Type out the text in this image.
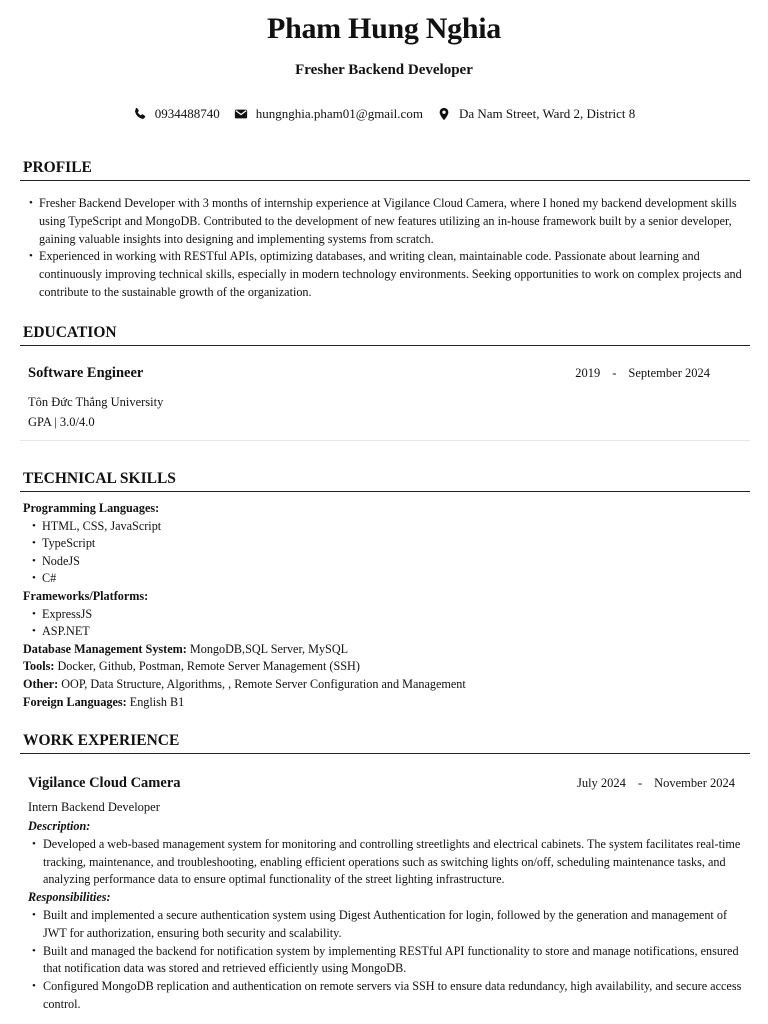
Pham Hung Nghia
Fresher Backend Developer
0934488740	hungnghia.pham01@gmail.com	Da Nam Street, Ward 2, District 8
PROFILE
• Fresher Backend Developer with 3 months of internship experience at Vigilance Cloud Camera, where I honed my backend development skills using TypeScript and MongoDB. Contributed to the development of new features utilizing an in-house framework built by a senior developer, gaining valuable insights into designing and implementing systems from scratch.
• Experienced in working with RESTful APIs, optimizing databases, and writing clean, maintainable code. Passionate about learning and continuously improving technical skills, especially in modern technology environments. Seeking opportunities to work on complex projects and contribute to the sustainable growth of the organization.
EDUCATION
Software Engineer	2019 - September 2024
Tôn Đức Thắng University
GPA | 3.0/4.0
TECHNICAL SKILLS
Programming Languages:
• HTML, CSS, JavaScript
• TypeScript
• NodeJS
• C#
Frameworks/Platforms:
• ExpressJS
• ASP.NET
Database Management System: MongoDB,SQL Server, MySQL
Tools: Docker, Github, Postman, Remote Server Management (SSH)
Other: OOP, Data Structure, Algorithms, , Remote Server Configuration and Management
Foreign Languages: English B1
WORK EXPERIENCE
Vigilance Cloud Camera	July 2024 - November 2024
Intern Backend Developer
Description:
• Developed a web-based management system for monitoring and controlling streetlights and electrical cabinets. The system facilitates real-time tracking, maintenance, and troubleshooting, enabling efficient operations such as switching lights on/off, scheduling maintenance tasks, and analyzing performance data to ensure optimal functionality of the street lighting infrastructure.
Responsibilities:
• Built and implemented a secure authentication system using Digest Authentication for login, followed by the generation and management of JWT for authorization, ensuring both security and scalability.
• Built and managed the backend for notification system by implementing RESTful API functionality to store and manage notifications, ensured that notification data was stored and retrieved efficiently using MongoDB.
• Configured MongoDB replication and authentication on remote servers via SSH to ensure data redundancy, high availability, and secure access control.
